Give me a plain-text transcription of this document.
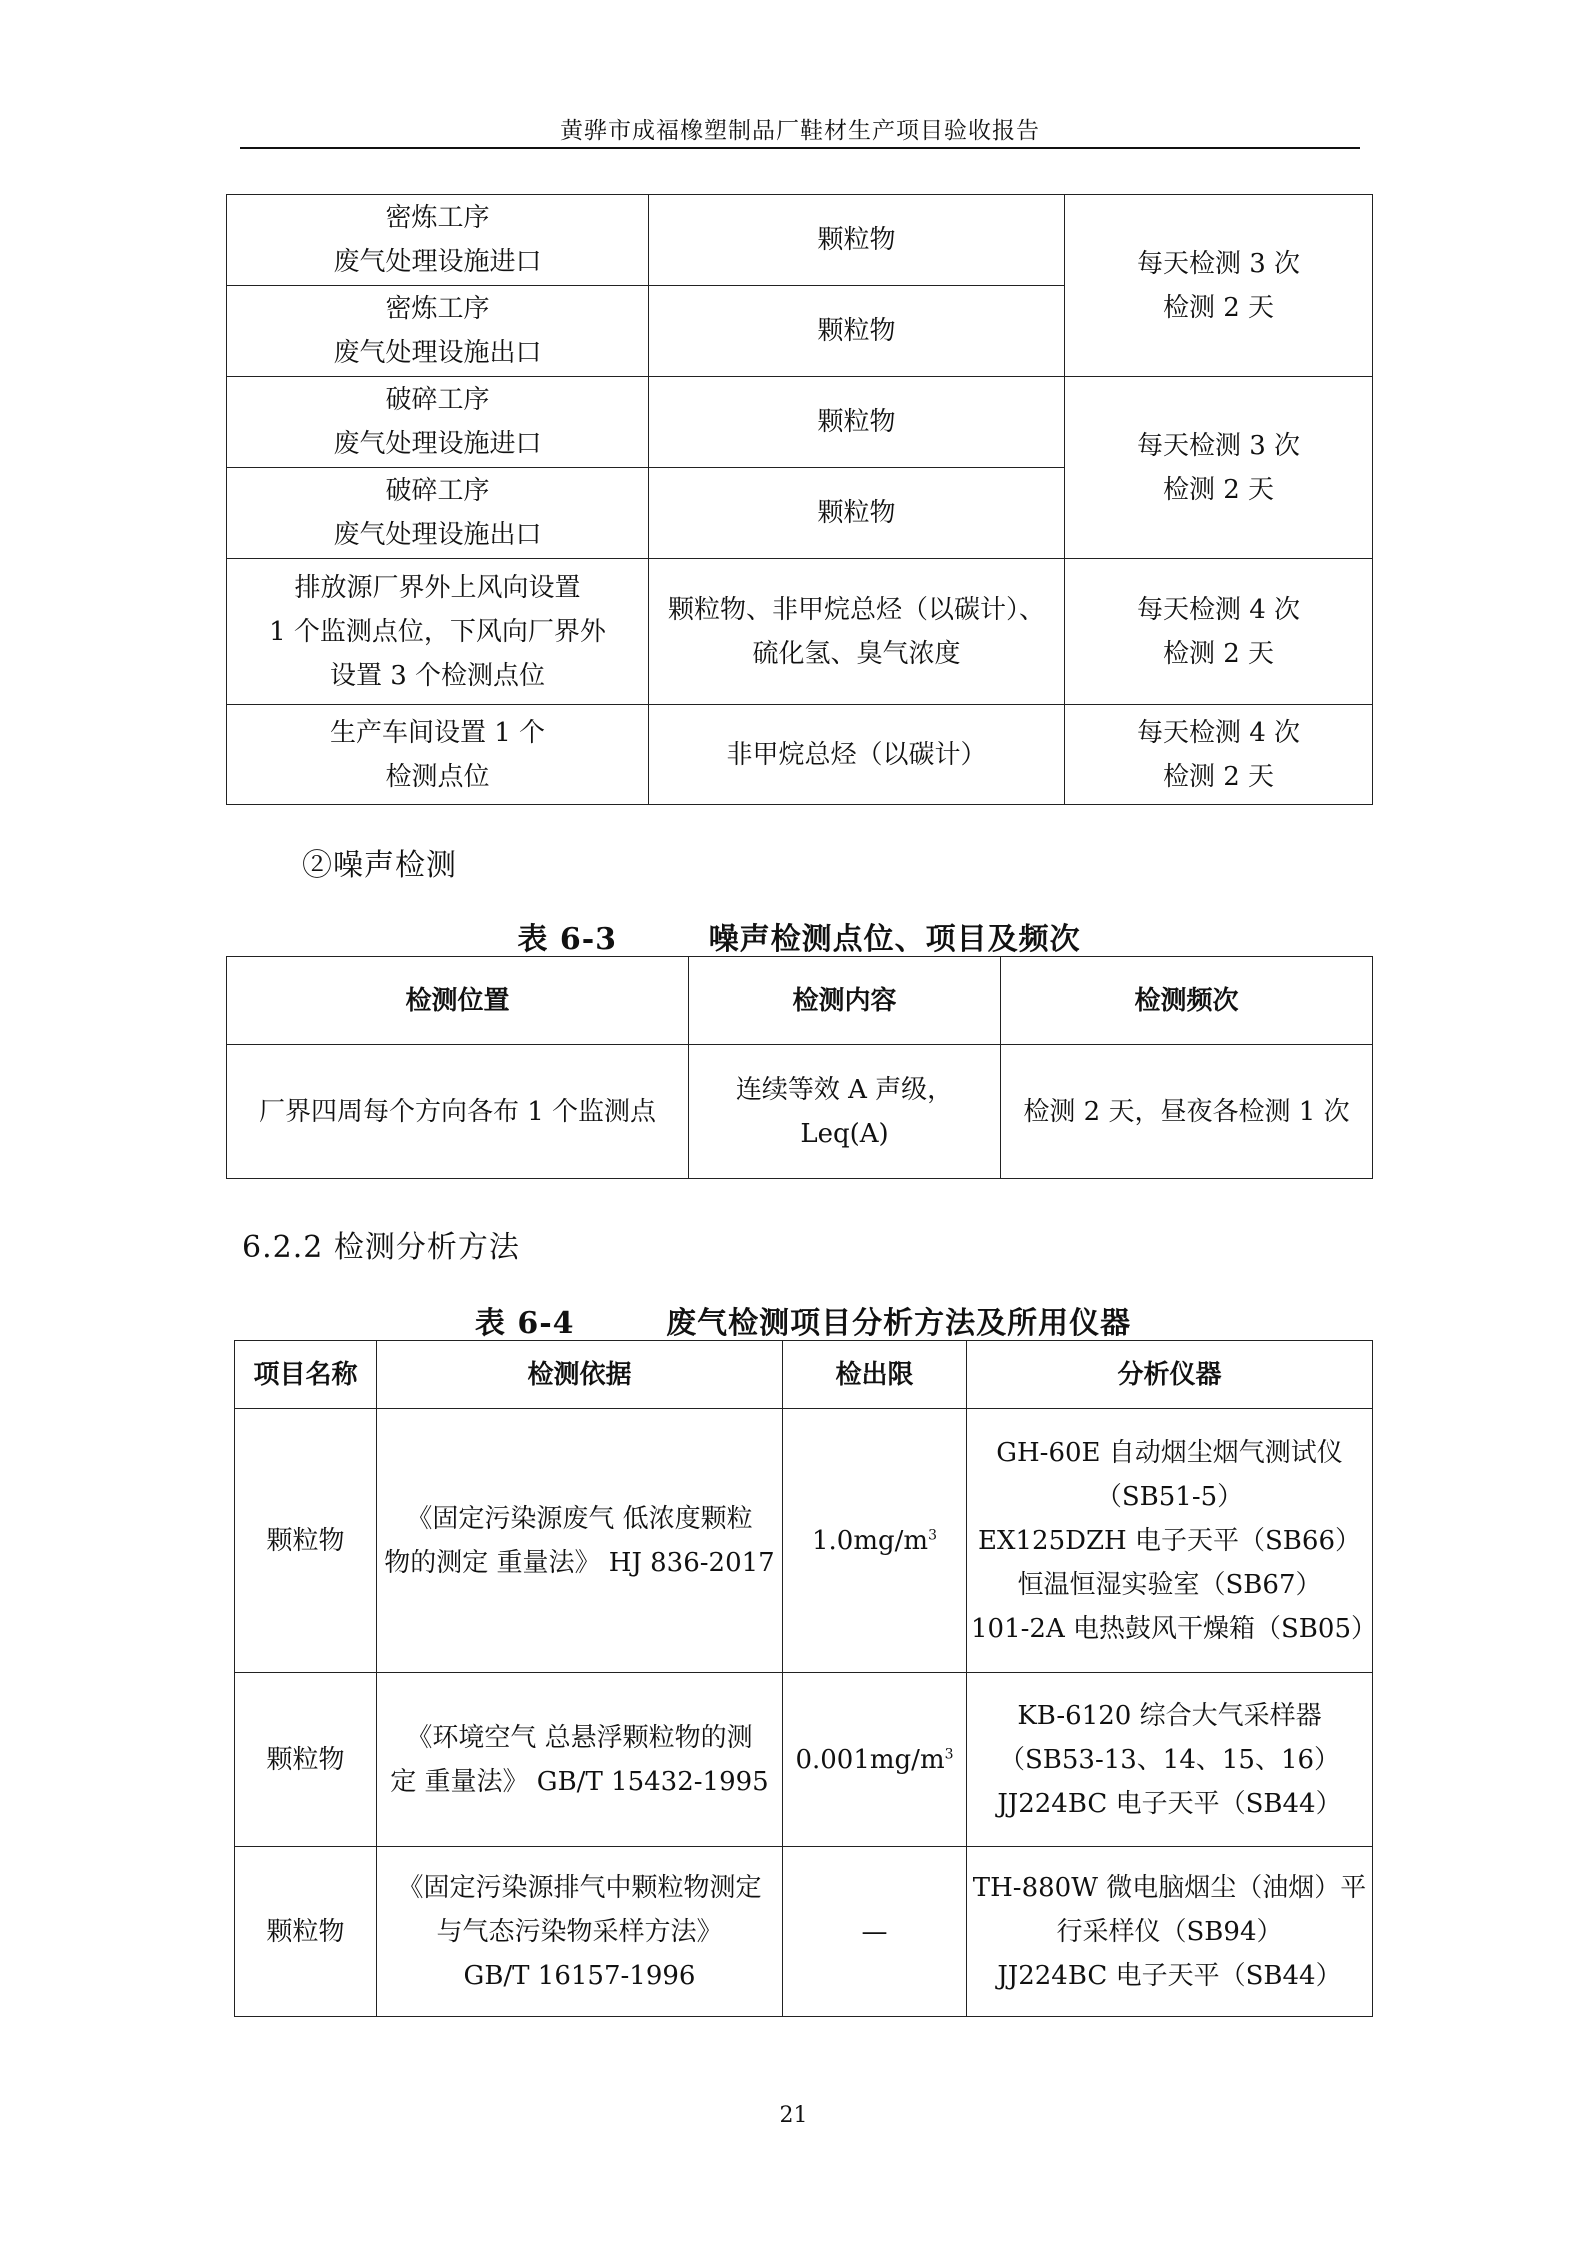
黄骅市成福橡塑制品厂鞋材生产项目验收报告
密炼工序
废气处理设施进口	颗粒物	每天检测 3 次
检测 2 天

密炼工序
废气处理设施出口	颗粒物	

破碎工序
废气处理设施进口	颗粒物	每天检测 3 次
检测 2 天

破碎工序
废气处理设施出口	颗粒物	

排放源厂界外上风向设置
1 个监测点位，下风向厂界外
设置 3 个检测点位	颗粒物、非甲烷总烃（以碳计）、
硫化氢、臭气浓度	每天检测 4 次
检测 2 天

生产车间设置 1 个
检测点位	非甲烷总烃（以碳计）	每天检测 4 次
检测 2 天
②噪声检测
表 6-3        噪声检测点位、项目及频次
检测位置	检测内容	检测频次
厂界四周每个方向各布 1 个监测点	连续等效 A 声级，
Leq(A)	检测 2 天，昼夜各检测 1 次
6.2.2 检测分析方法
表 6-4        废气检测项目分析方法及所用仪器
项目名称	检测依据	检出限	分析仪器
颗粒物	《固定污染源废气 低浓度颗粒
物的测定 重量法》 HJ 836-2017	$1.0mg/m^3$	GH-60E 自动烟尘烟气测试仪
（SB51-5）
EX125DZH 电子天平（SB66）
恒温恒湿实验室（SB67）
101-2A 电热鼓风干燥箱（SB05）

颗粒物	《环境空气 总悬浮颗粒物的测
定 重量法》 GB/T 15432-1995	$0.001mg/m^3$	KB-6120 综合大气采样器
（SB53-13、14、15、16）
JJ224BC 电子天平（SB44）

颗粒物	《固定污染源排气中颗粒物测定
与气态污染物采样方法》
GB/T 16157-1996	—	TH-880W 微电脑烟尘（油烟）平
行采样仪（SB94）
JJ224BC 电子天平（SB44）
21
